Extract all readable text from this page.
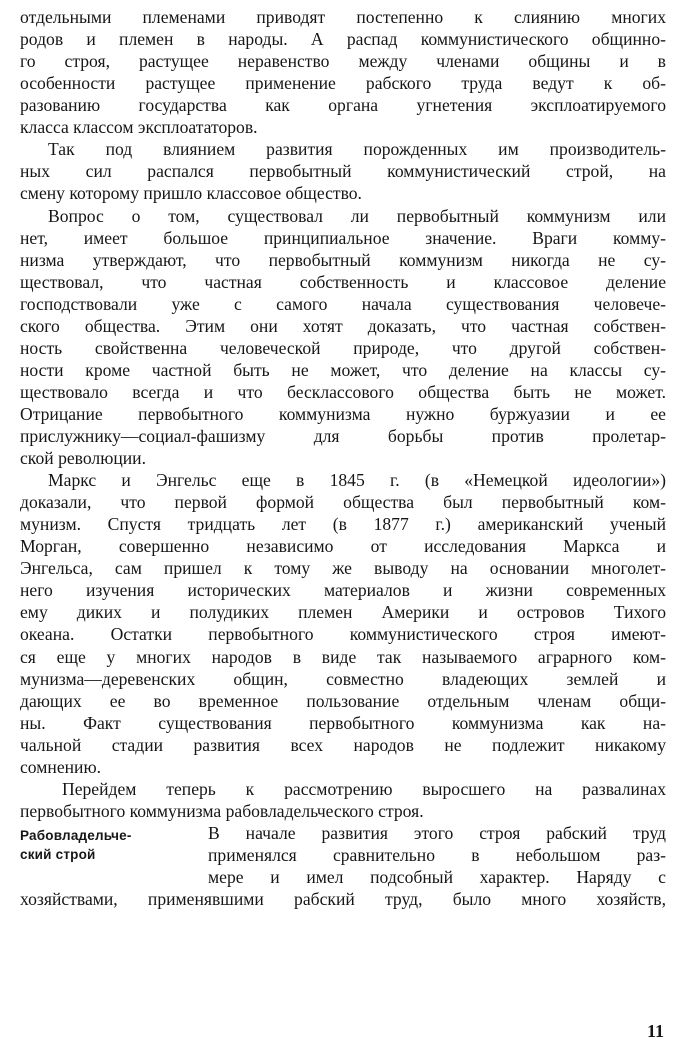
отдельными племенами приводят постепенно к слиянию многих
родов и племен в народы. А распад коммунистического общинно-
го строя, растущее неравенство между членами общины и в
особенности растущее применение рабского труда ведут к об-
разованию государства как органа угнетения эксплоатируемого
класса классом эксплоататоров.
Так под влиянием развития порожденных им производитель-
ных сил распался первобытный коммунистический строй, на
смену которому пришло классовое общество.
Вопрос о том, существовал ли первобытный коммунизм или
нет, имеет большое принципиальное значение. Враги комму-
низма утверждают, что первобытный коммунизм никогда не су-
ществовал, что частная собственность и классовое деление
господствовали уже с самого начала существования человече-
ского общества. Этим они хотят доказать, что частная собствен-
ность свойственна человеческой природе, что другой собствен-
ности кроме частной быть не может, что деление на классы су-
ществовало всегда и что бесклассового общества быть не может.
Отрицание первобытного коммунизма нужно буржуазии и ее
прислужнику—социал-фашизму для борьбы против пролетар-
ской революции.
Маркс и Энгельс еще в 1845 г. (в «Немецкой идеологии»)
доказали, что первой формой общества был первобытный ком-
мунизм. Спустя тридцать лет (в 1877 г.) американский ученый
Морган, совершенно независимо от исследования Маркса и
Энгельса, сам пришел к тому же выводу на основании многолет-
него изучения исторических материалов и жизни современных
ему диких и полудиких племен Америки и островов Тихого
океана. Остатки первобытного коммунистического строя имеют-
ся еще у многих народов в виде так называемого аграрного ком-
мунизма—деревенских общин, совместно владеющих землей и
дающих ее во временное пользование отдельным членам общи-
ны. Факт существования первобытного коммунизма как на-
чальной стадии развития всех народов не подлежит никакому
сомнению.
Перейдем теперь к рассмотрению выросшего на развалинах
первобытного коммунизма рабовладельческого строя.
Рабовладельче-
ский строй
В начале развития этого строя рабский труд
применялся сравнительно в небольшом раз-
мере и имел подсобный характер. Наряду с
хозяйствами, применявшими рабский труд, было много хозяйств,
11
